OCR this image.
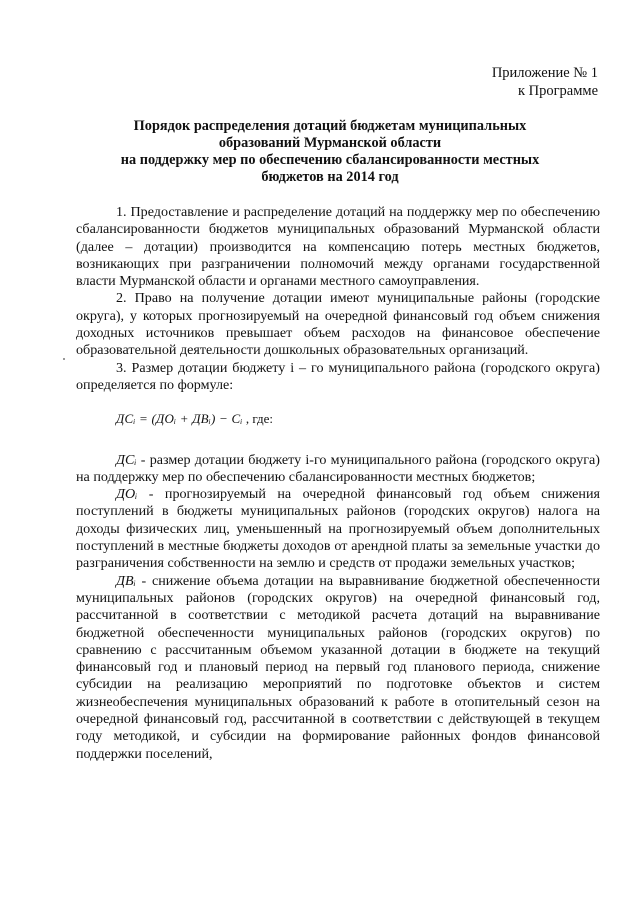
Приложение № 1
к Программе
Порядок распределения дотаций бюджетам муниципальных
образований Мурманской области
на поддержку мер по обеспечению сбалансированности местных
бюджетов на 2014 год

1. Предоставление и распределение дотаций на поддержку мер по обеспечению сбалансированности бюджетов муниципальных образований Мурманской области (далее – дотации) производится на компенсацию потерь местных бюджетов, возникающих при разграничении полномочий между органами государственной власти Мурманской области и органами местного самоуправления.

2. Право на получение дотации имеют муниципальные районы (городские округа), у которых прогнозируемый на очередной финансовый год объем снижения доходных источников превышает объем расходов на финансовое обеспечение образовательной деятельности дошкольных образовательных организаций.

3. Размер дотации бюджету i – го муниципального района (городского округа) определяется по формуле:

ДСᵢ = (ДОᵢ + ДВᵢ) − Cᵢ , где:

ДСᵢ - размер дотации бюджету i-го муниципального района (городского округа) на поддержку мер по обеспечению сбалансированности местных бюджетов;

ДОᵢ - прогнозируемый на очередной финансовый год объем снижения поступлений в бюджеты муниципальных районов (городских округов) налога на доходы физических лиц, уменьшенный на прогнозируемый объем дополнительных поступлений в местные бюджеты доходов от арендной платы за земельные участки до разграничения собственности на землю и средств от продажи земельных участков;

ДВᵢ - снижение объема дотации на выравнивание бюджетной обеспеченности муниципальных районов (городских округов) на очередной финансовый год, рассчитанной в соответствии с методикой расчета дотаций на выравнивание бюджетной обеспеченности муниципальных районов (городских округов) по сравнению с рассчитанным объемом указанной дотации в бюджете на текущий финансовый год и плановый период на первый год планового периода, снижение субсидии на реализацию мероприятий по подготовке объектов и систем жизнеобеспечения муниципальных образований к работе в отопительный сезон на очередной финансовый год, рассчитанной в соответствии с действующей в текущем году методикой, и субсидии на формирование районных фондов финансовой поддержки поселений,
